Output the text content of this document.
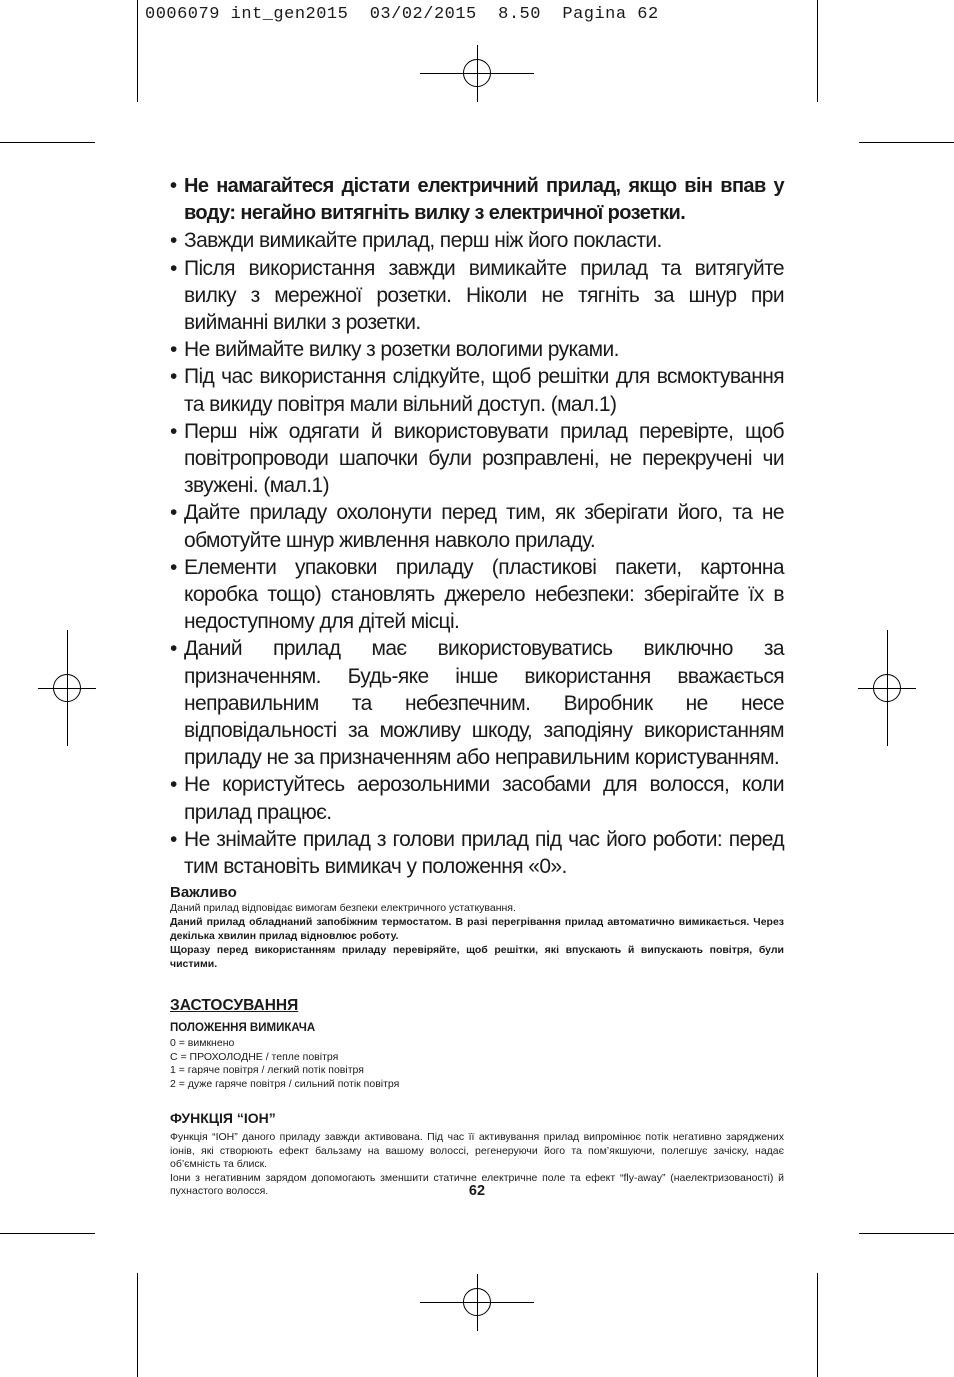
0006079 int_gen2015  03/02/2015  8.50  Pagina 62
• Не намагайтеся дістати електричний прилад, якщо він впав у воду: негайно витягніть вилку з електричної розетки.
• Завжди вимикайте прилад, перш ніж його покласти.
• Після використання завжди вимикайте прилад та витягуйте вилку з мережної розетки. Ніколи не тягніть за шнур при вийманні вилки з розетки.
• Не виймайте вилку з розетки вологими руками.
• Під час використання слідкуйте, щоб решітки для всмоктування та викиду повітря мали вільний доступ. (мал.1)
• Перш ніж одягати й використовувати прилад перевірте, щоб повітропроводи шапочки були розправлені, не перекручені чи звужені. (мал.1)
• Дайте приладу охолонути перед тим, як зберігати його, та не обмотуйте шнур живлення навколо приладу.
• Елементи упаковки приладу (пластикові пакети, картонна коробка тощо) становлять джерело небезпеки: зберігайте їх в недоступному для дітей місці.
• Даний прилад має використовуватись виключно за призначенням. Будь-яке інше використання вважається неправильним та небезпечним. Виробник не несе відповідальності за можливу шкоду, заподіяну використанням приладу не за призначенням або неправильним користуванням.
• Не користуйтесь аерозольними засобами для волосся, коли прилад працює.
• Не знімайте прилад з голови прилад під час його роботи: перед тим встановіть вимикач у положення «0».
Важливо

Даний прилад відповідає вимогам безпеки електричного устаткування.

Даний прилад обладнаний запобіжним термостатом. В разі перегрівання прилад автоматично вимикається. Через декілька хвилин прилад відновлює роботу.

Щоразу перед використанням приладу перевіряйте, щоб решітки, які впускають й випускають повітря, були чистими.

ЗАСТОСУВАННЯ
ПОЛОЖЕННЯ ВИМИКАЧА
0 = вимкнено
C = ПРОХОЛОДНЕ / тепле повітря
1 = гаряче повітря / легкий потік повітря
2 = дуже гаряче повітря / сильний потік повітря
ФУНКЦІЯ “ІОН”

Функція “ІОН” даного приладу завжди активована. Під час її активування прилад випромінює потік негативно заряджених іонів, які створюють ефект бальзаму на вашому волоссі, регенеруючи його та пом’якшуючи, полегшує зачіску, надає об’ємність та блиск.

Іони з негативним зарядом допомогають зменшити статичне електричне поле та ефект “fly-away” (наелектризованості) й пухнастого волосся.	62
